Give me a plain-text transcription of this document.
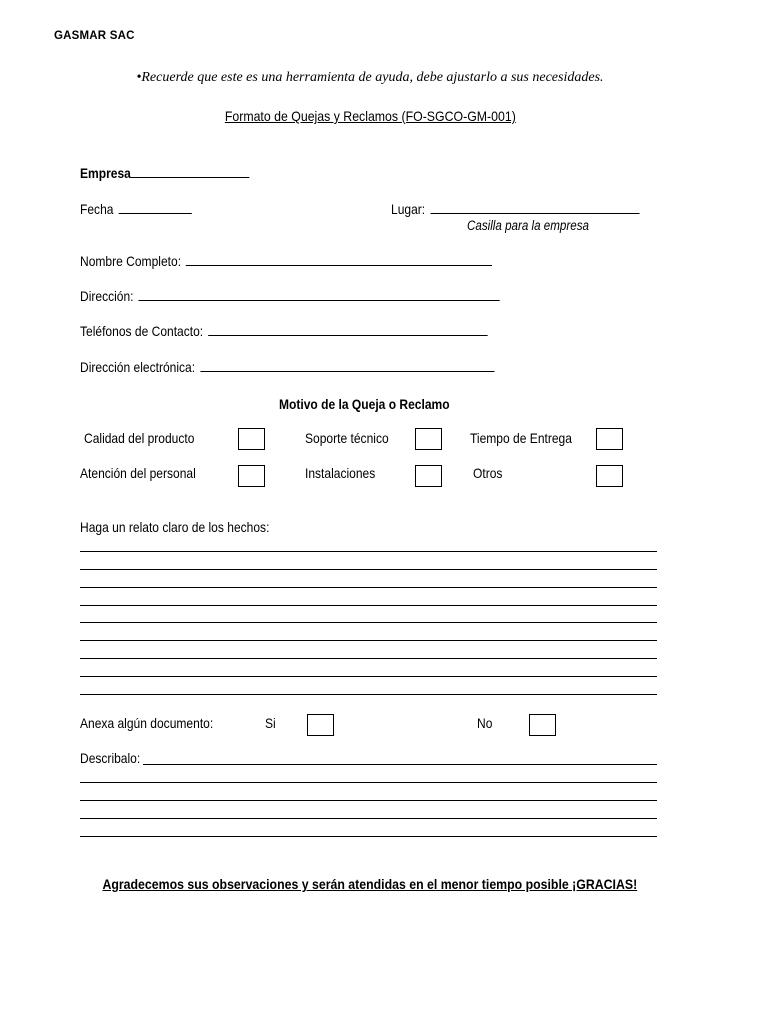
GASMAR SAC
•Recuerde que este es una herramienta de ayuda, debe ajustarlo a sus necesidades.
Formato de Quejas y Reclamos (FO-SGCO-GM-001)
Empresa
Fecha	Lugar:
Casilla para la empresa
Nombre Completo:
Dirección:
Teléfonos de Contacto:
Dirección electrónica:
Motivo de la Queja o Reclamo
Calidad del producto	Soporte técnico	Tiempo de Entrega
Atención del personal	Instalaciones	Otros
Haga un relato claro de los hechos:
Anexa algún documento:	Si	No
Describalo:
Agradecemos sus observaciones y serán atendidas en el menor tiempo posible ¡GRACIAS!
